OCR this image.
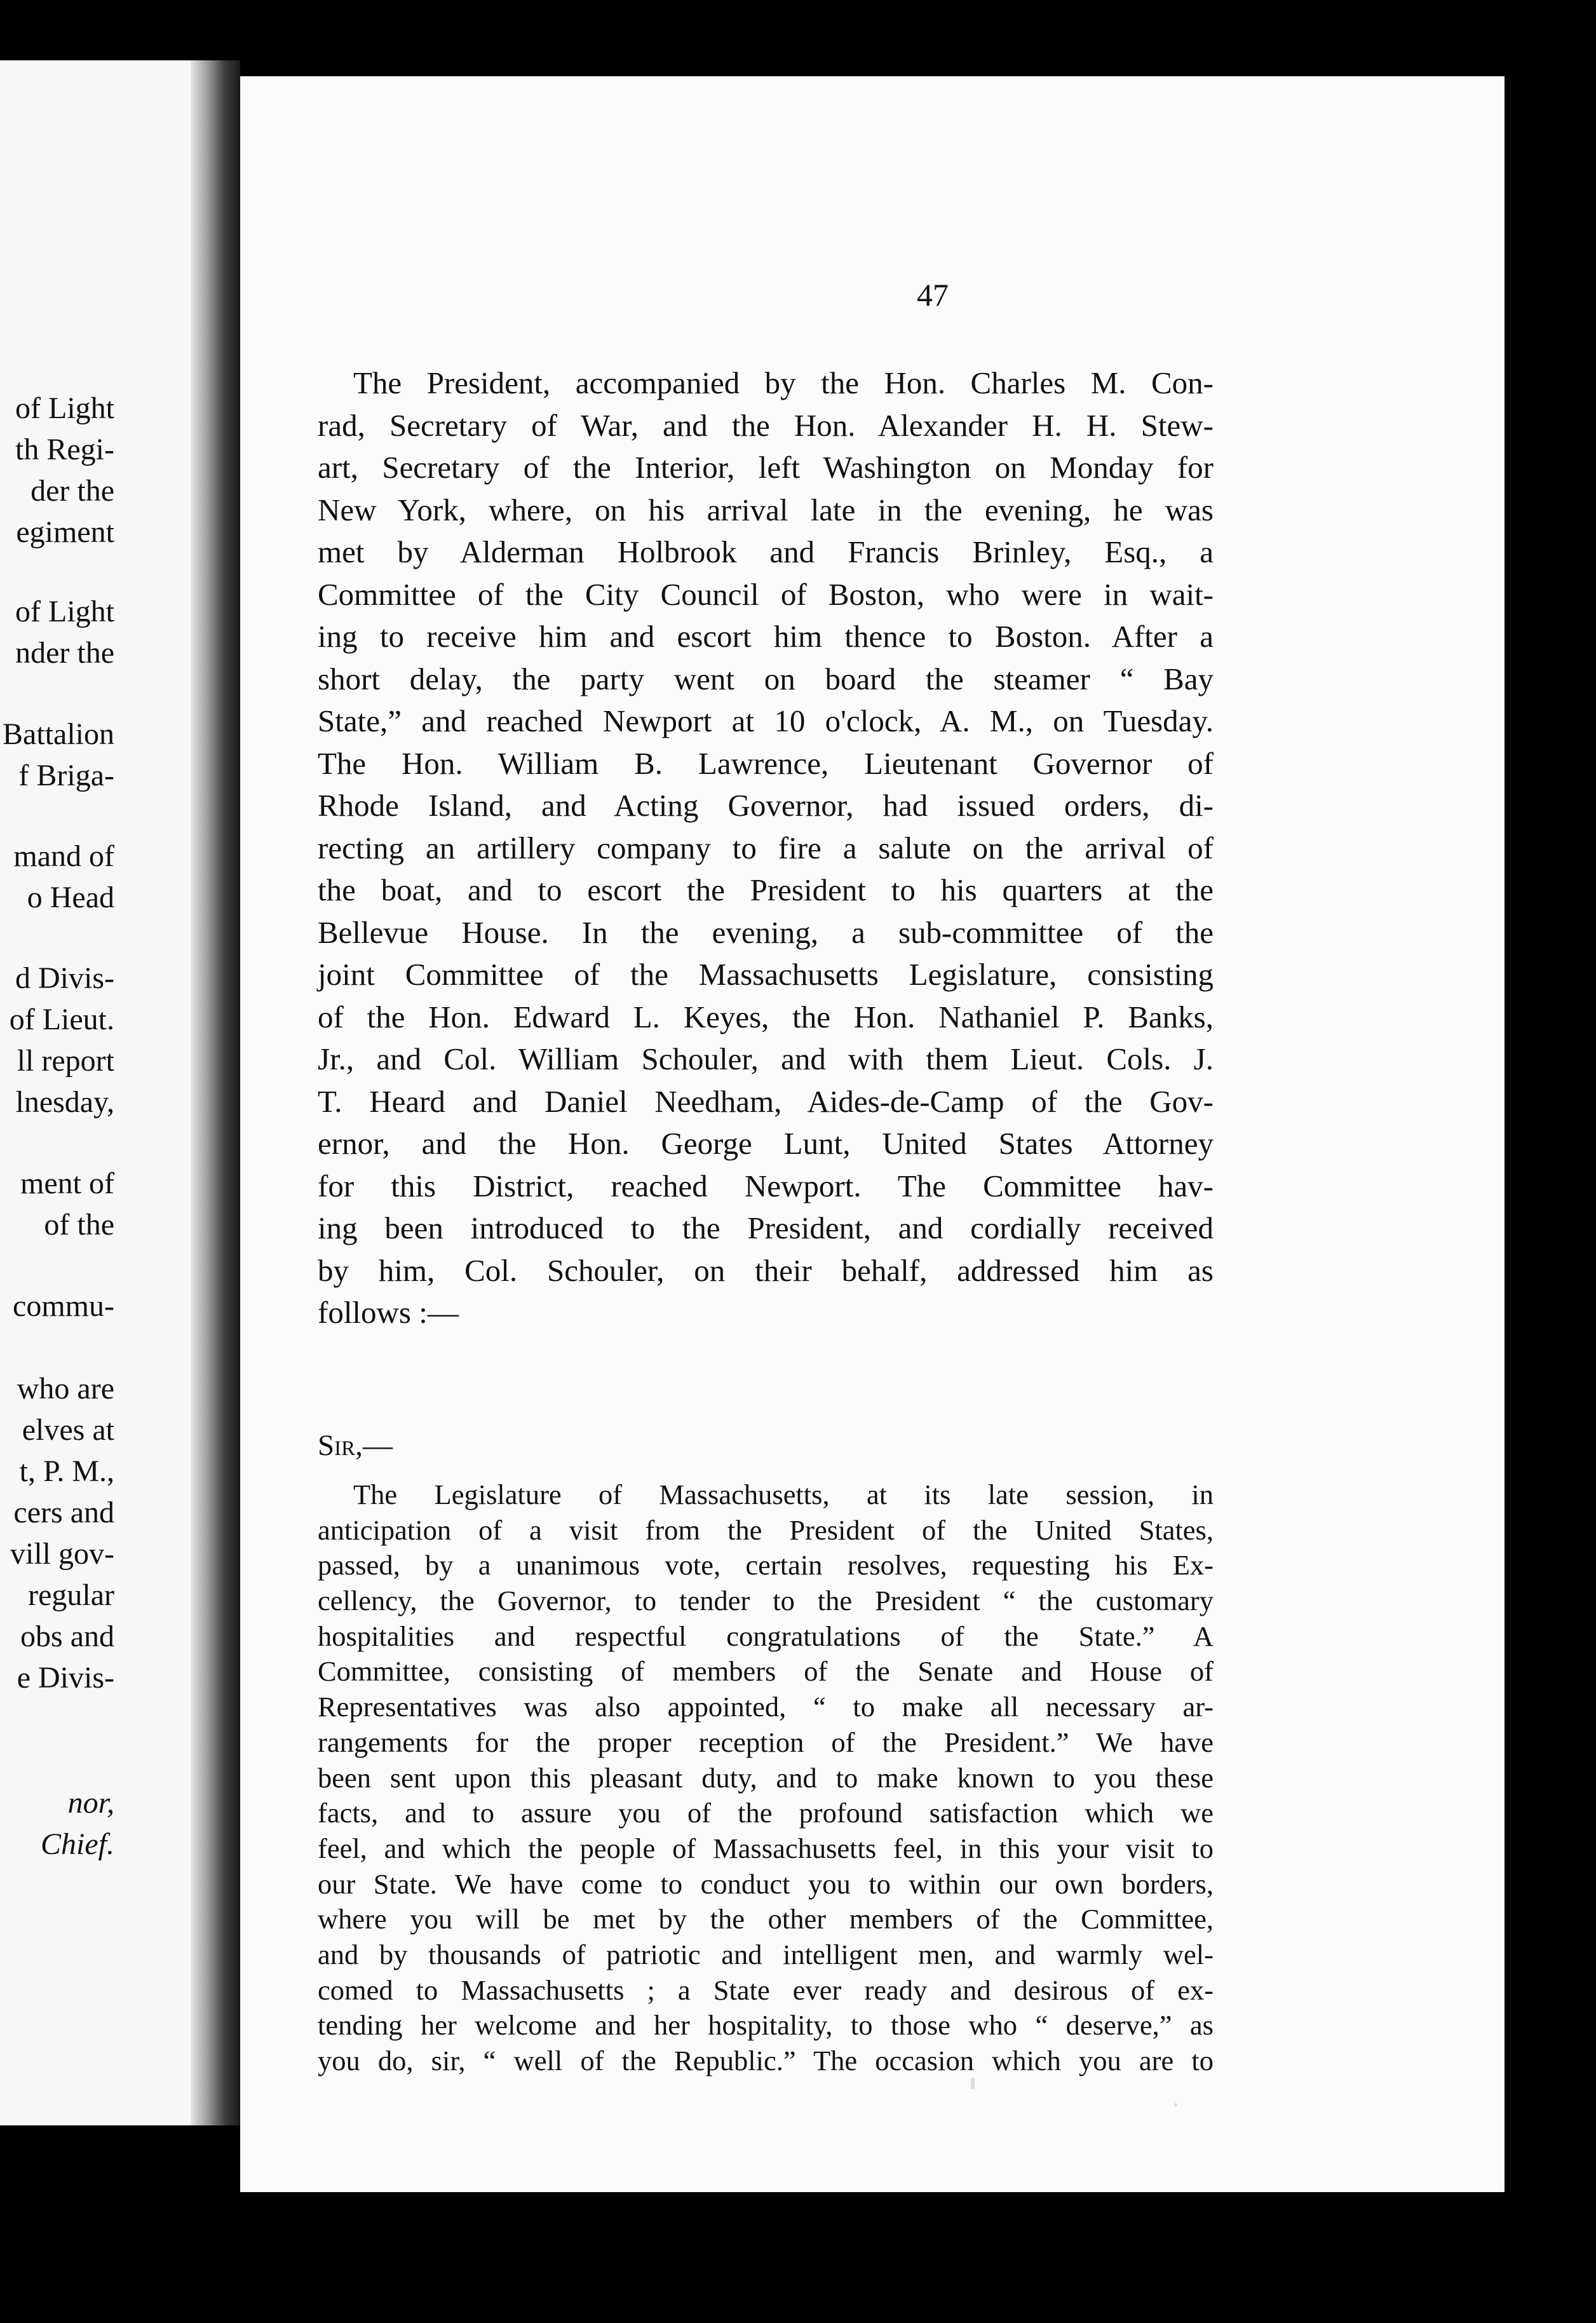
of Light
th Regi-
der the
egiment
of Light
nder the
Battalion
f Briga-
mand of
o Head
d Divis-
of Lieut.
ll report
lnesday,
ment of
of the
commu-
who are
elves at
t, P. M.,
cers and
vill gov-
regular
obs and
e Divis-
nor,
Chief.
47
The President, accompanied by the Hon. Charles M. Con-
rad, Secretary of War, and the Hon. Alexander H. H. Stew-
art, Secretary of the Interior, left Washington on Monday for
New York, where, on his arrival late in the evening, he was
met by Alderman Holbrook and Francis Brinley, Esq., a
Committee of the City Council of Boston, who were in wait-
ing to receive him and escort him thence to Boston. After a
short delay, the party went on board the steamer “ Bay
State,” and reached Newport at 10 o'clock, A. M., on Tuesday.
The Hon. William B. Lawrence, Lieutenant Governor of
Rhode Island, and Acting Governor, had issued orders, di-
recting an artillery company to fire a salute on the arrival of
the boat, and to escort the President to his quarters at the
Bellevue House. In the evening, a sub-committee of the
joint Committee of the Massachusetts Legislature, consisting
of the Hon. Edward L. Keyes, the Hon. Nathaniel P. Banks,
Jr., and Col. William Schouler, and with them Lieut. Cols. J.
T. Heard and Daniel Needham, Aides-de-Camp of the Gov-
ernor, and the Hon. George Lunt, United States Attorney
for this District, reached Newport. The Committee hav-
ing been introduced to the President, and cordially received
by him, Col. Schouler, on their behalf, addressed him as
follows :—
Sir,—
The Legislature of Massachusetts, at its late session, in
anticipation of a visit from the President of the United States,
passed, by a unanimous vote, certain resolves, requesting his Ex-
cellency, the Governor, to tender to the President “ the customary
hospitalities and respectful congratulations of the State.” A
Committee, consisting of members of the Senate and House of
Representatives was also appointed, “ to make all necessary ar-
rangements for the proper reception of the President.” We have
been sent upon this pleasant duty, and to make known to you these
facts, and to assure you of the profound satisfaction which we
feel, and which the people of Massachusetts feel, in this your visit to
our State. We have come to conduct you to within our own borders,
where you will be met by the other members of the Committee,
and by thousands of patriotic and intelligent men, and warmly wel-
comed to Massachusetts ; a State ever ready and desirous of ex-
tending her welcome and her hospitality, to those who “ deserve,” as
you do, sir, “ well of the Republic.” The occasion which you are to
